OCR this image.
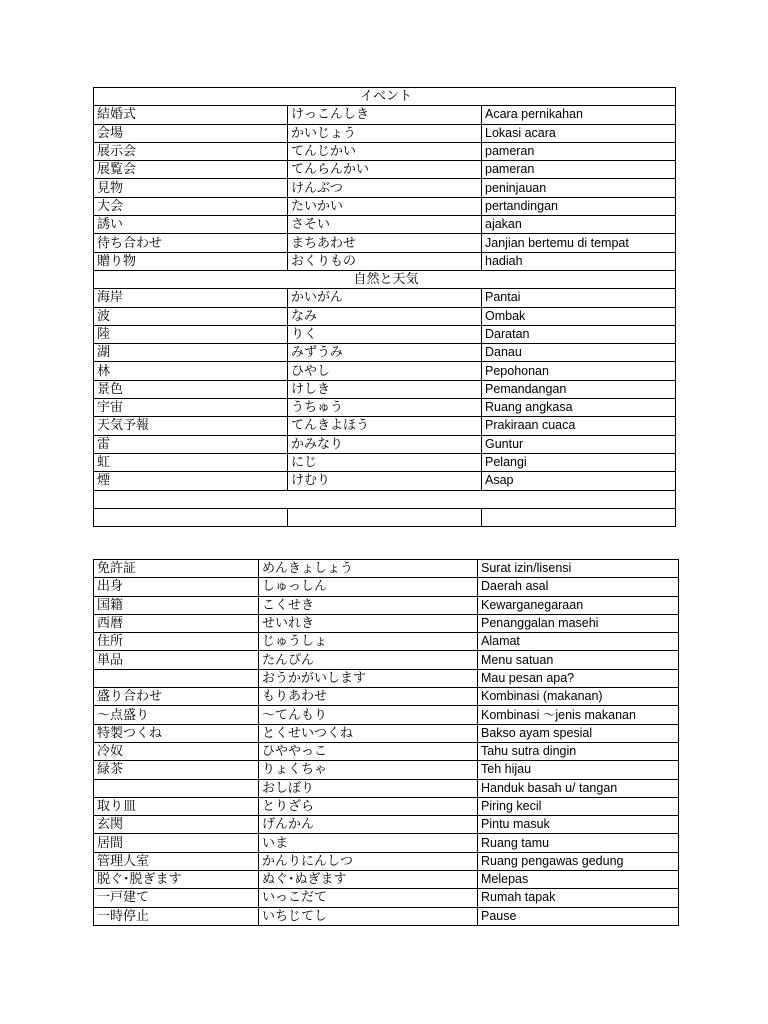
イベント		
結婚式	けっこんしき	Acara pernikahan
会場	かいじょう	Lokasi acara
展示会	てんじかい	pameran
展覧会	てんらんかい	pameran
見物	けんぶつ	peninjauan
大会	たいかい	pertandingan
誘い	さそい	ajakan
待ち合わせ	まちあわせ	Janjian bertemu di tempat
贈り物	おくりもの	hadiah
自然と天気		
海岸	かいがん	Pantai
波	なみ	Ombak
陸	りく	Daratan
湖	みずうみ	Danau
林	ひやし	Pepohonan
景色	けしき	Pemandangan
宇宙	うちゅう	Ruang angkasa
天気予報	てんきよほう	Prakiraan cuaca
雷	かみなり	Guntur
虹	にじ	Pelangi
煙	けむり	Asap

免許証	めんきょしょう	Surat izin/lisensi
出身	しゅっしん	Daerah asal
国籍	こくせき	Kewarganegaraan
西暦	せいれき	Penanggalan masehi
住所	じゅうしょ	Alamat
単品	たんぴん	Menu satuan
	おうかがいします	Mau pesan apa?
盛り合わせ	もりあわせ	Kombinasi (makanan)
～点盛り	～てんもり	Kombinasi ～jenis makanan
特製つくね	とくせいつくね	Bakso ayam spesial
冷奴	ひややっこ	Tahu sutra dingin
緑茶	りょくちゃ	Teh hijau
	おしぼり	Handuk basah u/ tangan
取り皿	とりざら	Piring kecil
玄関	げんかん	Pintu masuk
居間	いま	Ruang tamu
管理人室	かんりにんしつ	Ruang pengawas gedung
脱ぐ･脱ぎます	ぬぐ･ぬぎます	Melepas
一戸建て	いっこだて	Rumah tapak
一時停止	いちじてし	Pause
